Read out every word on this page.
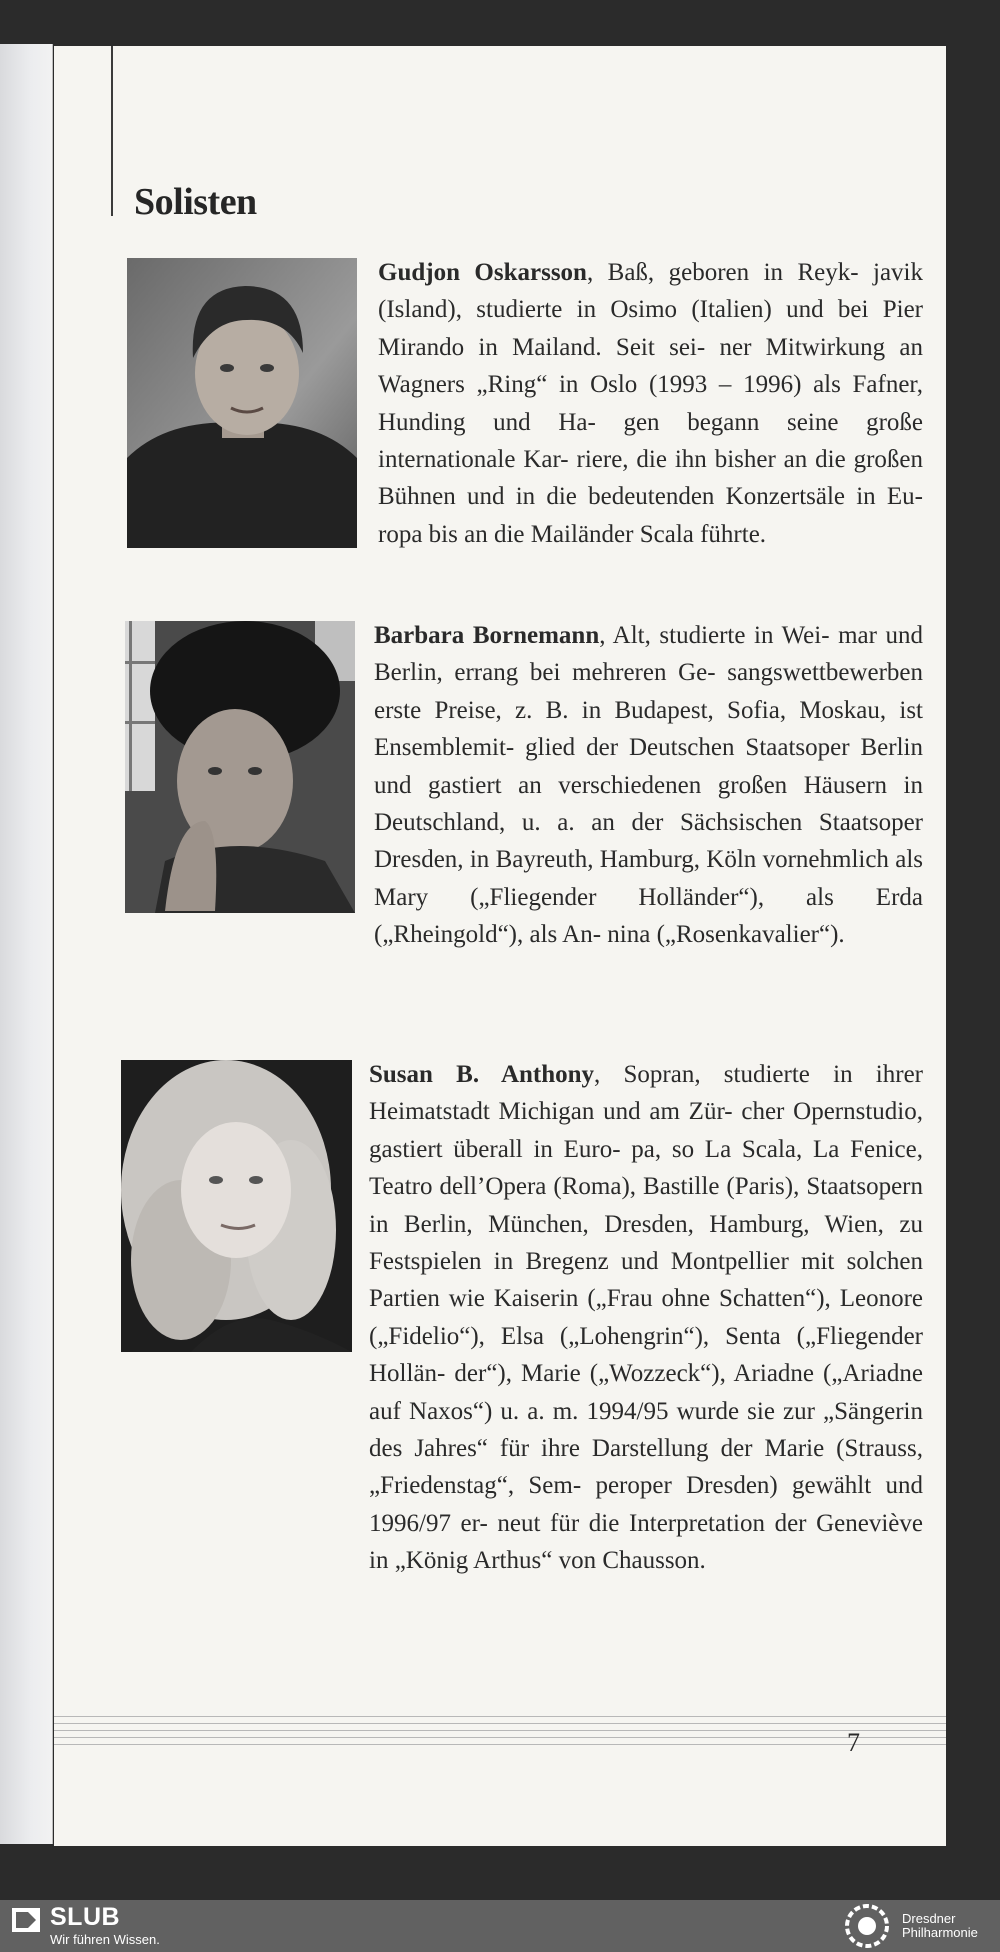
Solisten

Gudjon Oskarsson, Baß, geboren in Reyk- javik (Island), studierte in Osimo (Italien) und bei Pier Mirando in Mailand. Seit sei- ner Mitwirkung an Wagners „Ring“ in Oslo (1993 – 1996) als Fafner, Hunding und Ha- gen begann seine große internationale Kar- riere, die ihn bisher an die großen Bühnen und in die bedeutenden Konzertsäle in Eu- ropa bis an die Mailänder Scala führte.

Barbara Bornemann, Alt, studierte in Wei- mar und Berlin, errang bei mehreren Ge- sangswettbewerben erste Preise, z. B. in Budapest, Sofia, Moskau, ist Ensemblemit- glied der Deutschen Staatsoper Berlin und gastiert an verschiedenen großen Häusern in Deutschland, u. a. an der Sächsischen Staatsoper Dresden, in Bayreuth, Hamburg, Köln vornehmlich als Mary („Fliegender Holländer“), als Erda („Rheingold“), als An- nina („Rosenkavalier“).

Susan B. Anthony, Sopran, studierte in ihrer Heimatstadt Michigan und am Zür- cher Opernstudio, gastiert überall in Euro- pa, so La Scala, La Fenice, Teatro dell’Opera (Roma), Bastille (Paris), Staatsopern in Berlin, München, Dresden, Hamburg, Wien, zu Festspielen in Bregenz und Montpellier mit solchen Partien wie Kaiserin („Frau ohne Schatten“), Leonore („Fidelio“), Elsa („Lohengrin“), Senta („Fliegender Hollän- der“), Marie („Wozzeck“), Ariadne („Ariadne auf Naxos“) u. a. m. 1994/95 wurde sie zur „Sängerin des Jahres“ für ihre Darstellung der Marie (Strauss, „Friedenstag“, Sem- peroper Dresden) gewählt und 1996/97 er- neut für die Interpretation der Geneviève in „König Arthus“ von Chausson.

7
SLUB
Wir führen Wissen.
Dresdner
Philharmonie
